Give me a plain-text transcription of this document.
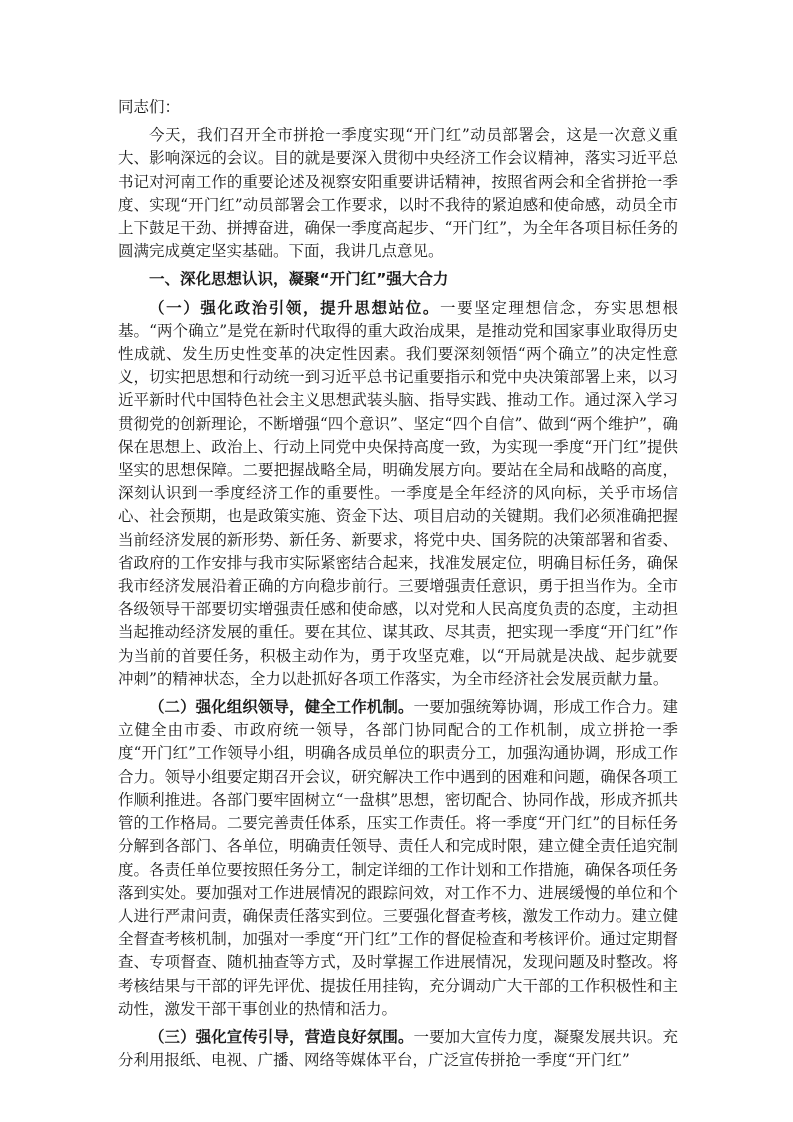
同志们：

今天，我们召开全市拼抢一季度实现“开门红”动员部署会，这是一次意义重大、影响深远的会议。目的就是要深入贯彻中央经济工作会议精神，落实习近平总书记对河南工作的重要论述及视察安阳重要讲话精神，按照省两会和全省拼抢一季度、实现“开门红”动员部署会工作要求，以时不我待的紧迫感和使命感，动员全市上下鼓足干劲、拼搏奋进，确保一季度高起步、“开门红”，为全年各项目标任务的圆满完成奠定坚实基础。下面，我讲几点意见。

一、深化思想认识，凝聚“开门红”强大合力

（一）强化政治引领，提升思想站位。一要坚定理想信念，夯实思想根基。“两个确立”是党在新时代取得的重大政治成果，是推动党和国家事业取得历史性成就、发生历史性变革的决定性因素。我们要深刻领悟“两个确立”的决定性意义，切实把思想和行动统一到习近平总书记重要指示和党中央决策部署上来，以习近平新时代中国特色社会主义思想武装头脑、指导实践、推动工作。通过深入学习贯彻党的创新理论，不断增强“四个意识”、坚定“四个自信”、做到“两个维护”，确保在思想上、政治上、行动上同党中央保持高度一致，为实现一季度“开门红”提供坚实的思想保障。二要把握战略全局，明确发展方向。要站在全局和战略的高度，深刻认识到一季度经济工作的重要性。一季度是全年经济的风向标，关乎市场信心、社会预期，也是政策实施、资金下达、项目启动的关键期。我们必须准确把握当前经济发展的新形势、新任务、新要求，将党中央、国务院的决策部署和省委、省政府的工作安排与我市实际紧密结合起来，找准发展定位，明确目标任务，确保我市经济发展沿着正确的方向稳步前行。三要增强责任意识，勇于担当作为。全市各级领导干部要切实增强责任感和使命感，以对党和人民高度负责的态度，主动担当起推动经济发展的重任。要在其位、谋其政、尽其责，把实现一季度“开门红”作为当前的首要任务，积极主动作为，勇于攻坚克难，以“开局就是决战、起步就要冲刺”的精神状态，全力以赴抓好各项工作落实，为全市经济社会发展贡献力量。

（二）强化组织领导，健全工作机制。一要加强统筹协调，形成工作合力。建立健全由市委、市政府统一领导，各部门协同配合的工作机制，成立拼抢一季度“开门红”工作领导小组，明确各成员单位的职责分工，加强沟通协调，形成工作合力。领导小组要定期召开会议，研究解决工作中遇到的困难和问题，确保各项工作顺利推进。各部门要牢固树立“一盘棋”思想，密切配合、协同作战，形成齐抓共管的工作格局。二要完善责任体系，压实工作责任。将一季度“开门红”的目标任务分解到各部门、各单位，明确责任领导、责任人和完成时限，建立健全责任追究制度。各责任单位要按照任务分工，制定详细的工作计划和工作措施，确保各项任务落到实处。要加强对工作进展情况的跟踪问效，对工作不力、进展缓慢的单位和个人进行严肃问责，确保责任落实到位。三要强化督查考核，激发工作动力。建立健全督查考核机制，加强对一季度“开门红”工作的督促检查和考核评价。通过定期督查、专项督查、随机抽查等方式，及时掌握工作进展情况，发现问题及时整改。将考核结果与干部的评先评优、提拔任用挂钩，充分调动广大干部的工作积极性和主动性，激发干部干事创业的热情和活力。

（三）强化宣传引导，营造良好氛围。一要加大宣传力度，凝聚发展共识。充分利用报纸、电视、广播、网络等媒体平台，广泛宣传拼抢一季度“开门红”
